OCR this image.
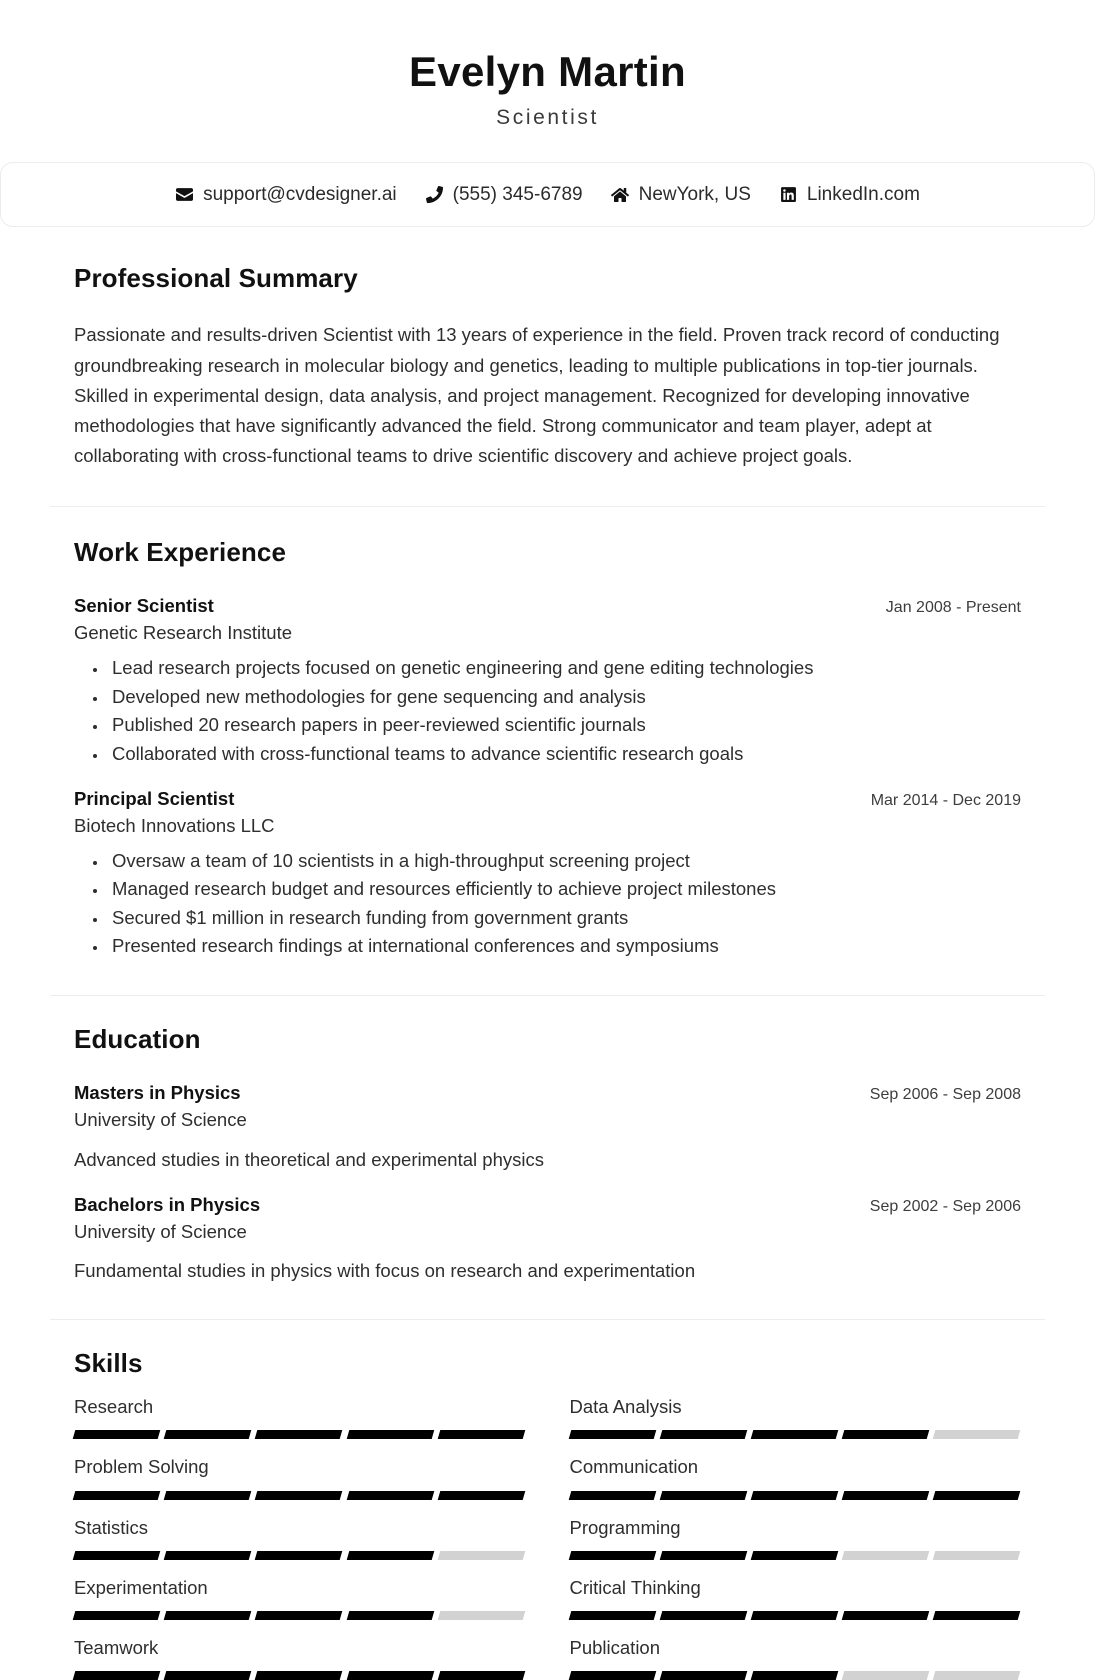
Evelyn Martin
Scientist
support@cvdesigner.ai	(555) 345-6789	NewYork, US	LinkedIn.com
Professional Summary

Passionate and results-driven Scientist with 13 years of experience in the field. Proven track record of conducting groundbreaking research in molecular biology and genetics, leading to multiple publications in top-tier journals. Skilled in experimental design, data analysis, and project management. Recognized for developing innovative methodologies that have significantly advanced the field. Strong communicator and team player, adept at collaborating with cross-functional teams to drive scientific discovery and achieve project goals.

Work Experience
Senior Scientist	Jan 2008 - Present
Genetic Research Institute
• Lead research projects focused on genetic engineering and gene editing technologies
• Developed new methodologies for gene sequencing and analysis
• Published 20 research papers in peer-reviewed scientific journals
• Collaborated with cross-functional teams to advance scientific research goals
Principal Scientist	Mar 2014 - Dec 2019
Biotech Innovations LLC
• Oversaw a team of 10 scientists in a high-throughput screening project
• Managed research budget and resources efficiently to achieve project milestones
• Secured $1 million in research funding from government grants
• Presented research findings at international conferences and symposiums
Education
Masters in Physics	Sep 2006 - Sep 2008
University of Science
Advanced studies in theoretical and experimental physics
Bachelors in Physics	Sep 2002 - Sep 2006
University of Science
Fundamental studies in physics with focus on research and experimentation
Skills
Research	Data Analysis
Problem Solving	Communication
Statistics	Programming
Experimentation	Critical Thinking
Teamwork	Publication
